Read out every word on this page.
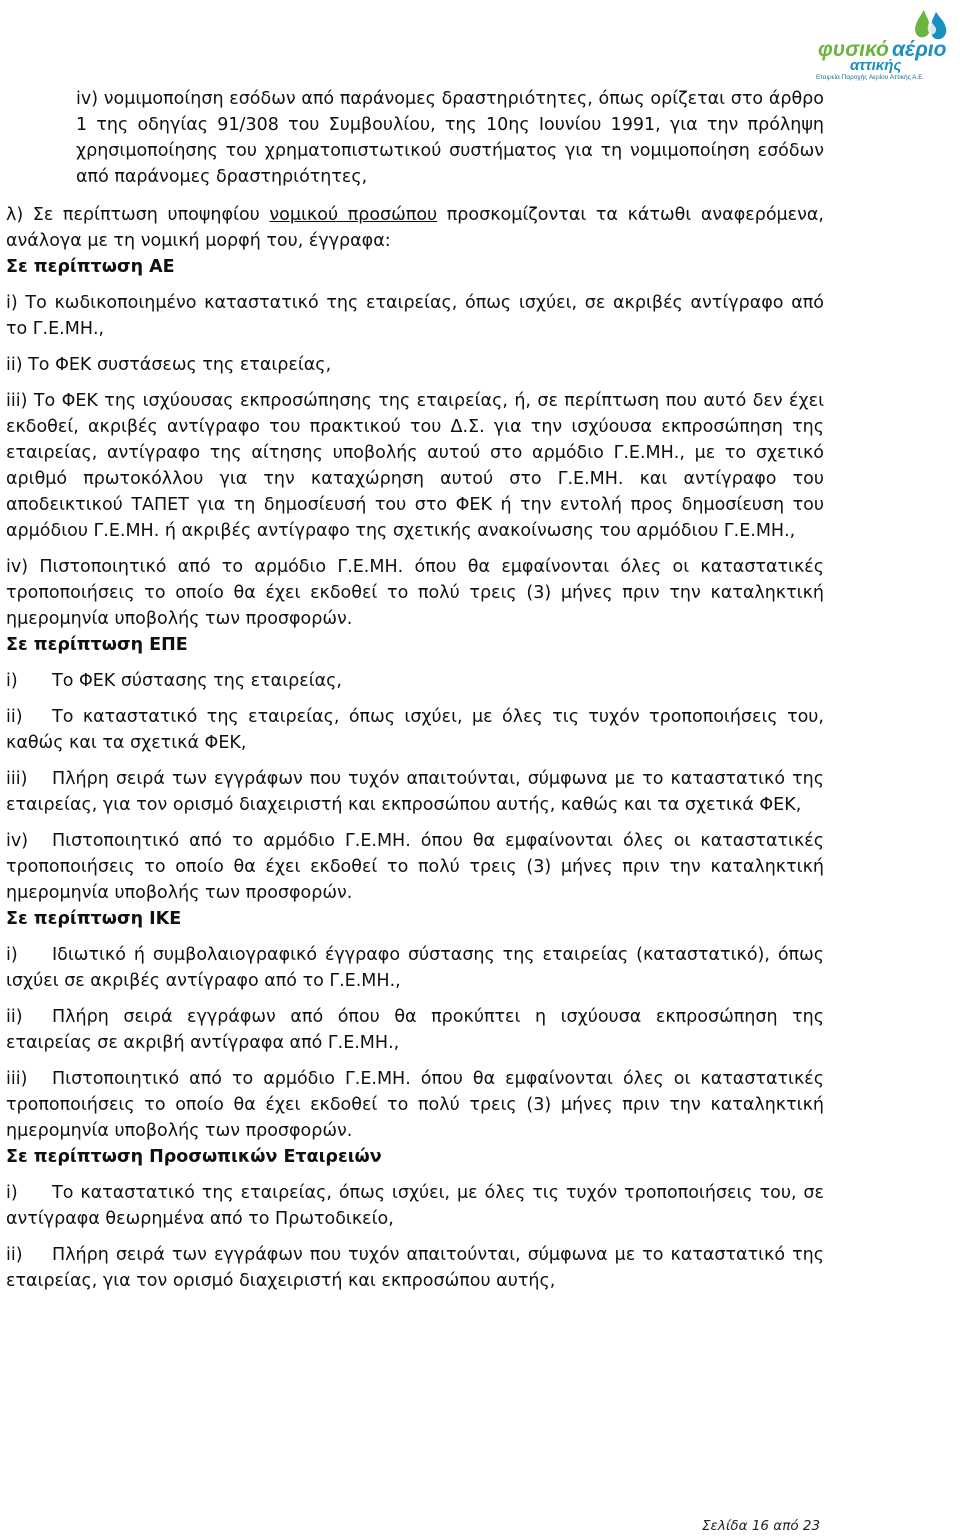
φυσικό αέριο
αττικής
Εταιρεία Παροχής Αερίου Αττικής Α.Ε.

iv) νομιμοποίηση εσόδων από παράνομες δραστηριότητες, όπως ορίζεται στο άρθρο 1 της οδηγίας 91/308 του Συμβουλίου, της 10ης Ιουνίου 1991, για την πρόληψη χρησιμοποίησης του χρηματοπιστωτικού συστήματος για τη νομιμοποίηση εσόδων από παράνομες δραστηριότητες,

λ) Σε περίπτωση υποψηφίου νομικού προσώπου προσκομίζονται τα κάτωθι αναφερόμενα, ανάλογα με τη νομική μορφή του, έγγραφα:

Σε περίπτωση ΑΕ

i) Το κωδικοποιημένο καταστατικό της εταιρείας, όπως ισχύει, σε ακριβές αντίγραφο από το Γ.Ε.ΜΗ.,

ii) Το ΦΕΚ συστάσεως της εταιρείας,

iii) Το ΦΕΚ της ισχύουσας εκπροσώπησης της εταιρείας, ή, σε περίπτωση που αυτό δεν έχει εκδοθεί, ακριβές αντίγραφο του πρακτικού του Δ.Σ. για την ισχύουσα εκπροσώπηση της εταιρείας, αντίγραφο της αίτησης υποβολής αυτού στο αρμόδιο Γ.Ε.ΜΗ., με το σχετικό αριθμό πρωτοκόλλου για την καταχώρηση αυτού στο Γ.Ε.ΜΗ. και αντίγραφο του αποδεικτικού ΤΑΠΕΤ για τη δημοσίευσή του στο ΦΕΚ ή την εντολή προς δημοσίευση του αρμόδιου Γ.Ε.ΜΗ. ή ακριβές αντίγραφο της σχετικής ανακοίνωσης του αρμόδιου Γ.Ε.ΜΗ.,

iv) Πιστοποιητικό από το αρμόδιο Γ.Ε.ΜΗ. όπου θα εμφαίνονται όλες οι καταστατικές τροποποιήσεις το οποίο θα έχει εκδοθεί το πολύ τρεις (3) μήνες πριν την καταληκτική ημερομηνία υποβολής των προσφορών.

Σε περίπτωση ΕΠΕ

i) Το ΦΕΚ σύστασης της εταιρείας,

ii) Το καταστατικό της εταιρείας, όπως ισχύει, με όλες τις τυχόν τροποποιήσεις του, καθώς και τα σχετικά ΦΕΚ,

iii) Πλήρη σειρά των εγγράφων που τυχόν απαιτούνται, σύμφωνα με το καταστατικό της εταιρείας, για τον ορισμό διαχειριστή και εκπροσώπου αυτής, καθώς και τα σχετικά ΦΕΚ,

iv) Πιστοποιητικό από το αρμόδιο Γ.Ε.ΜΗ. όπου θα εμφαίνονται όλες οι καταστατικές τροποποιήσεις το οποίο θα έχει εκδοθεί το πολύ τρεις (3) μήνες πριν την καταληκτική ημερομηνία υποβολής των προσφορών.

Σε περίπτωση ΙΚΕ

i) Ιδιωτικό ή συμβολαιογραφικό έγγραφο σύστασης της εταιρείας (καταστατικό), όπως ισχύει σε ακριβές αντίγραφο από το Γ.Ε.ΜΗ.,

ii) Πλήρη σειρά εγγράφων από όπου θα προκύπτει η ισχύουσα εκπροσώπηση της εταιρείας σε ακριβή αντίγραφα από Γ.Ε.ΜΗ.,

iii) Πιστοποιητικό από το αρμόδιο Γ.Ε.ΜΗ. όπου θα εμφαίνονται όλες οι καταστατικές τροποποιήσεις το οποίο θα έχει εκδοθεί το πολύ τρεις (3) μήνες πριν την καταληκτική ημερομηνία υποβολής των προσφορών.

Σε περίπτωση Προσωπικών Εταιρειών

i) Το καταστατικό της εταιρείας, όπως ισχύει, με όλες τις τυχόν τροποποιήσεις του, σε αντίγραφα θεωρημένα από το Πρωτοδικείο,

ii) Πλήρη σειρά των εγγράφων που τυχόν απαιτούνται, σύμφωνα με το καταστατικό της εταιρείας, για τον ορισμό διαχειριστή και εκπροσώπου αυτής,

Σελίδα 16 από 23
